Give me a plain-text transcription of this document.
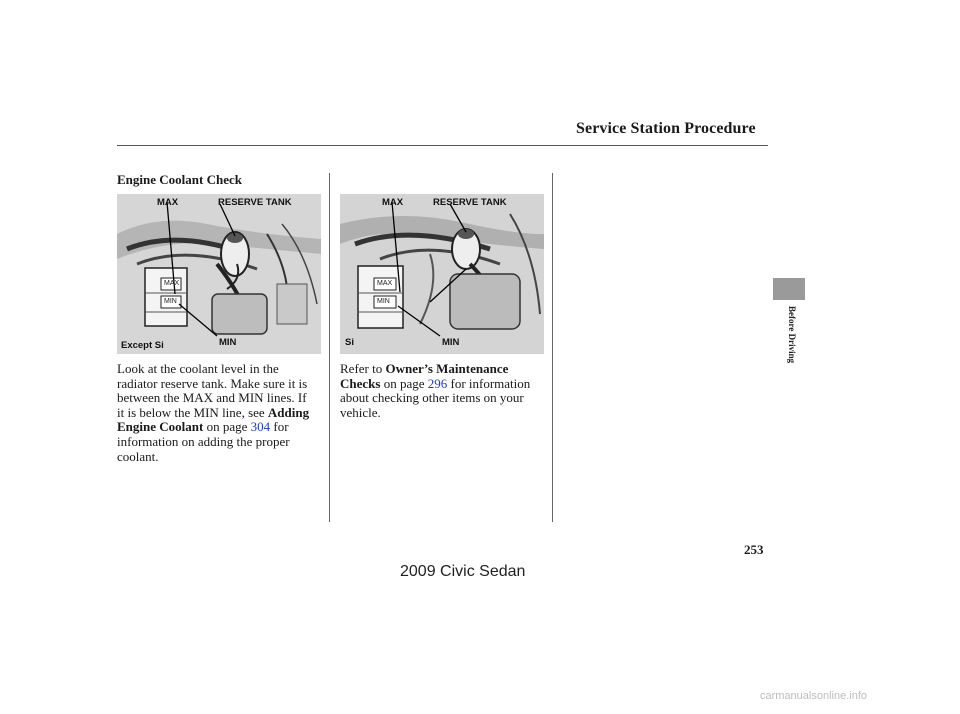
Service Station Procedure
Engine Coolant Check
MAX	RESERVE TANK
Except Si	MIN
MAX
MIN
MAX	RESERVE TANK
Si	MIN
MAX
MIN
Look at the coolant level in the
radiator reserve tank. Make sure it is
between the MAX and MIN lines. If
it is below the MIN line, see Adding
Engine Coolant on page 304 for
information on adding the proper
coolant.
Refer to Owner’s Maintenance
Checks on page 296 for information
about checking other items on your
vehicle.
Before Driving
253
2009 Civic Sedan
carmanualsonline.info
